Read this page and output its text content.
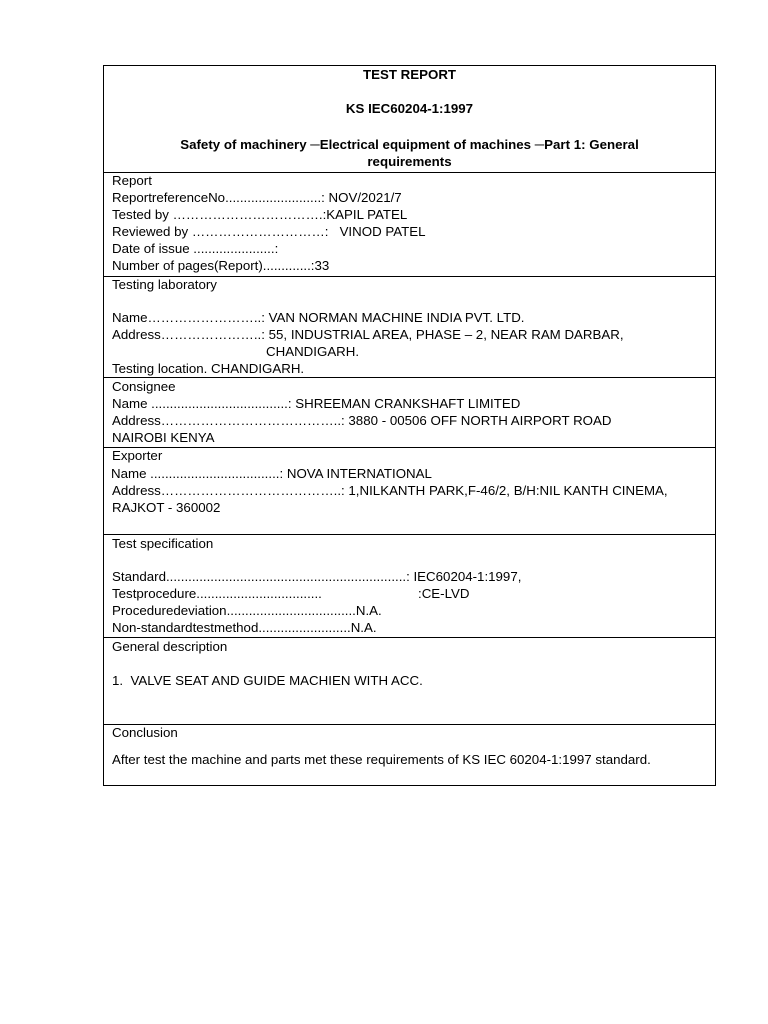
TEST REPORT
KS IEC60204-1:1997
Safety of machinery ─Electrical equipment of machines ─Part 1: General
requirements
Report
ReportreferenceNo..........................: NOV/2021/7
Tested by …………………………….:KAPIL PATEL
Reviewed by …………………………:   VINOD PATEL
Date of issue ......................:
Number of pages(Report).............:33
Testing laboratory
Name……………………..: VAN NORMAN MACHINE INDIA PVT. LTD.
Address…………………..: 55, INDUSTRIAL AREA, PHASE – 2, NEAR RAM DARBAR,
CHANDIGARH.
Testing location. CHANDIGARH.
Consignee
Name .....................................: SHREEMAN CRANKSHAFT LIMITED
Address…………………………………..: 3880 - 00506 OFF NORTH AIRPORT ROAD
NAIROBI KENYA
Exporter
Name ...................................: NOVA INTERNATIONAL
Address…………………………………..: 1,NILKANTH PARK,F-46/2, B/H:NIL KANTH CINEMA,
RAJKOT - 360002
Test specification
Standard.................................................................: IEC60204-1:1997,
Testprocedure..................................	:CE-LVD
Proceduredeviation...................................N.A.
Non-standardtestmethod.........................N.A.
General description
1.  VALVE SEAT AND GUIDE MACHIEN WITH ACC.
Conclusion
After test the machine and parts met these requirements of KS IEC 60204-1:1997 standard.
